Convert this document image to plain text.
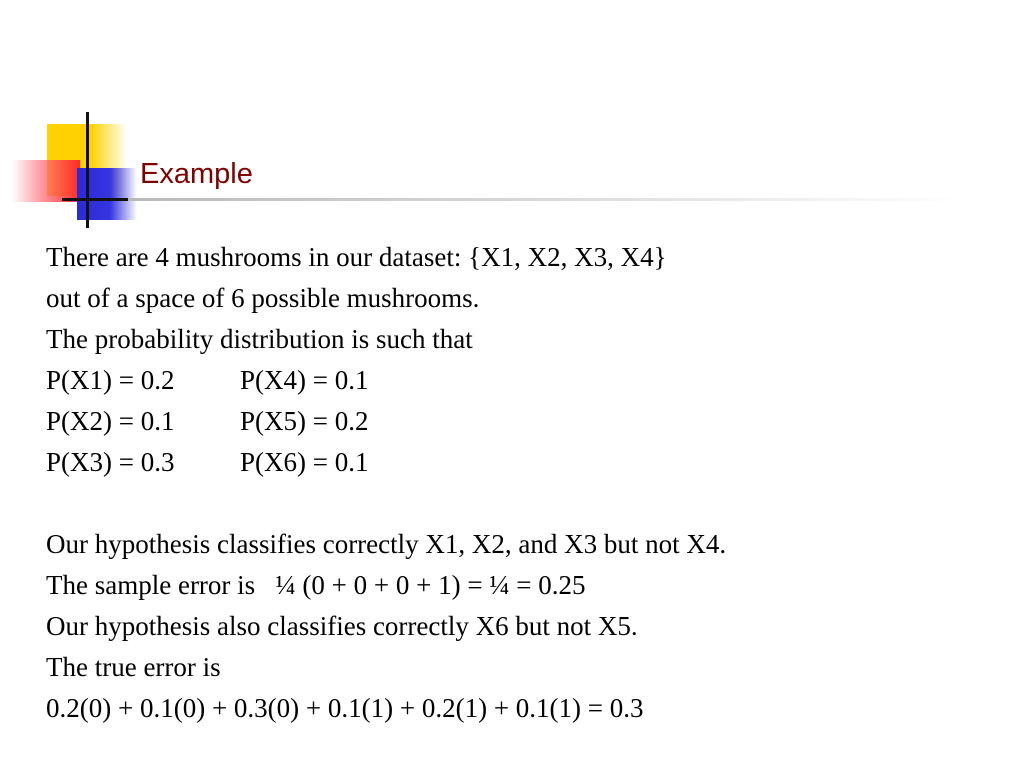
Example
There are 4 mushrooms in our dataset: {X1, X2, X3, X4}
out of a space of 6 possible mushrooms.
The probability distribution is such that
P(X1) = 0.2 P(X4) = 0.1
P(X2) = 0.1 P(X5) = 0.2
P(X3) = 0.3 P(X6) = 0.1
Our hypothesis classifies correctly X1, X2, and X3 but not X4.
The sample error is   ¼ (0 + 0 + 0 + 1) = ¼ = 0.25
Our hypothesis also classifies correctly X6 but not X5.
The true error is
0.2(0) + 0.1(0) + 0.3(0) + 0.1(1) + 0.2(1) + 0.1(1) = 0.3
